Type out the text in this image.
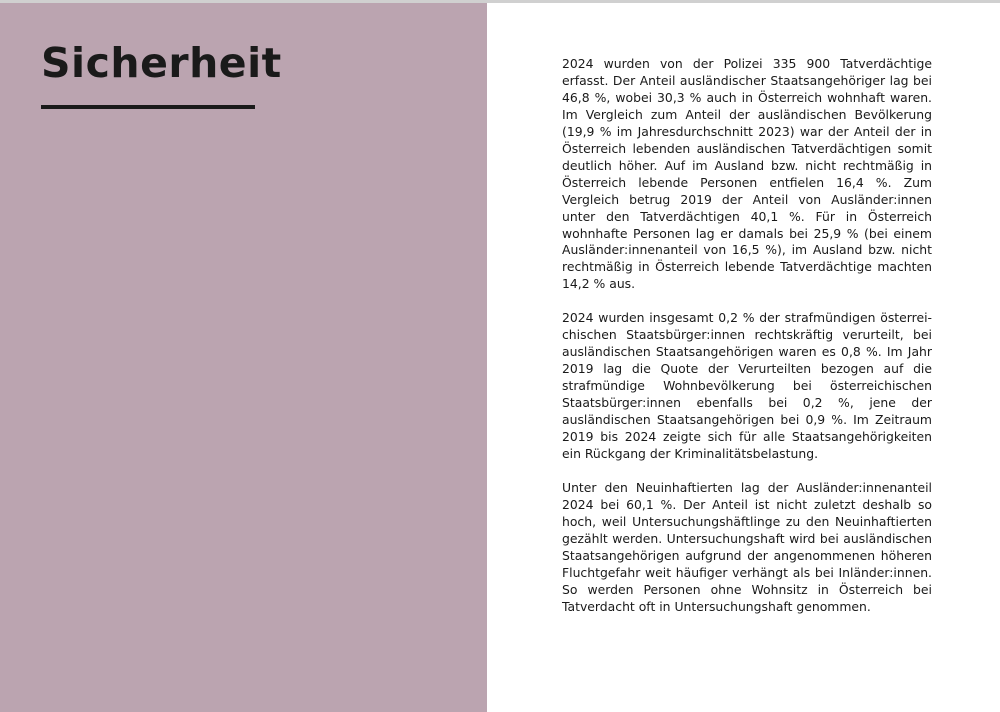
Sicherheit	2024 wurden von der Polizei 335 900 Tatverdächtige erfasst. Der Anteil ausländischer Staatsangehöriger lag bei 46,8 %, wobei 30,3 % auch in Österreich wohnhaft waren. Im Vergleich zum Anteil der ausländischen Bevölkerung (19,9 % im Jahresdurchschnitt 2023) war der Anteil der in Österreich lebenden ausländischen Tatverdächtigen somit deutlich höher. Auf im Ausland bzw. nicht rechtmäßig in Österreich lebende Personen entfielen 16,4 %. Zum Vergleich betrug 2019 der Anteil von Ausländer:innen unter den Tatverdächtigen 40,1 %. Für in Österreich wohnhafte Personen lag er damals bei 25,9 % (bei einem Ausländer:innenanteil von 16,5 %), im Ausland bzw. nicht rechtmäßig in Österreich lebende Tatverdächtige machten 14,2 % aus.

2024 wurden insgesamt 0,2 % der strafmündigen österreichischen Staatsbürger:innen rechtskräftig verurteilt, bei ausländischen Staatsangehörigen waren es 0,8 %. Im Jahr 2019 lag die Quote der Verurteilten bezogen auf die strafmündige Wohnbevölkerung bei österreichischen Staatsbürger:innen ebenfalls bei 0,2 %, jene der ausländischen Staatsangehörigen bei 0,9 %. Im Zeitraum 2019 bis 2024 zeigte sich für alle Staatsangehörigkeiten ein Rückgang der Kriminalitätsbelastung.

Unter den Neuinhaftierten lag der Ausländer:innenanteil 2024 bei 60,1 %. Der Anteil ist nicht zuletzt deshalb so hoch, weil Untersuchungshäftlinge zu den Neuinhaftierten gezählt werden. Untersuchungshaft wird bei ausländischen Staatsangehörigen aufgrund der angenommenen höheren Fluchtgefahr weit häufiger verhängt als bei Inländer:innen. So werden Personen ohne Wohnsitz in Österreich bei Tatverdacht oft in Untersuchungshaft genommen.
